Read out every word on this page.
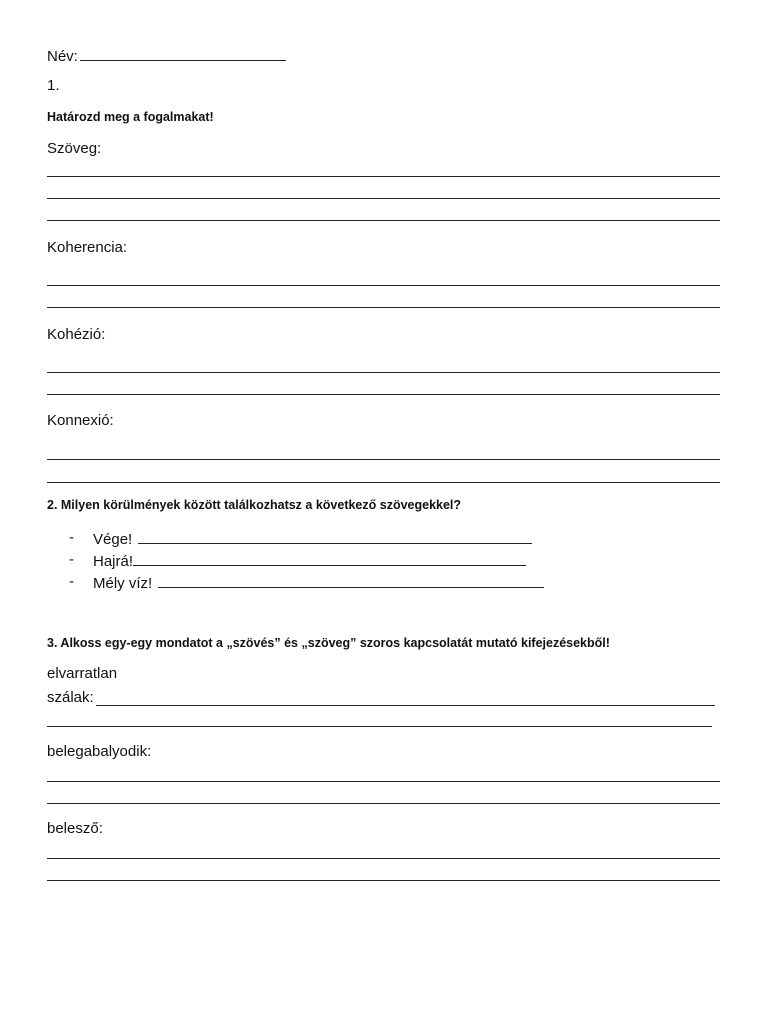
Név:
1.
Határozd meg a fogalmakat!
Szöveg:
Koherencia:
Kohézió:
Konnexió:
2. Milyen körülmények között találkozhatsz a következő szövegekkel?
- Vége!
- Hajrá!
- Mély víz!
3. Alkoss egy-egy mondatot a „szövés” és „szöveg” szoros kapcsolatát mutató kifejezésekből!
elvarratlan
szálak:
belegabalyodik:
belesző:
